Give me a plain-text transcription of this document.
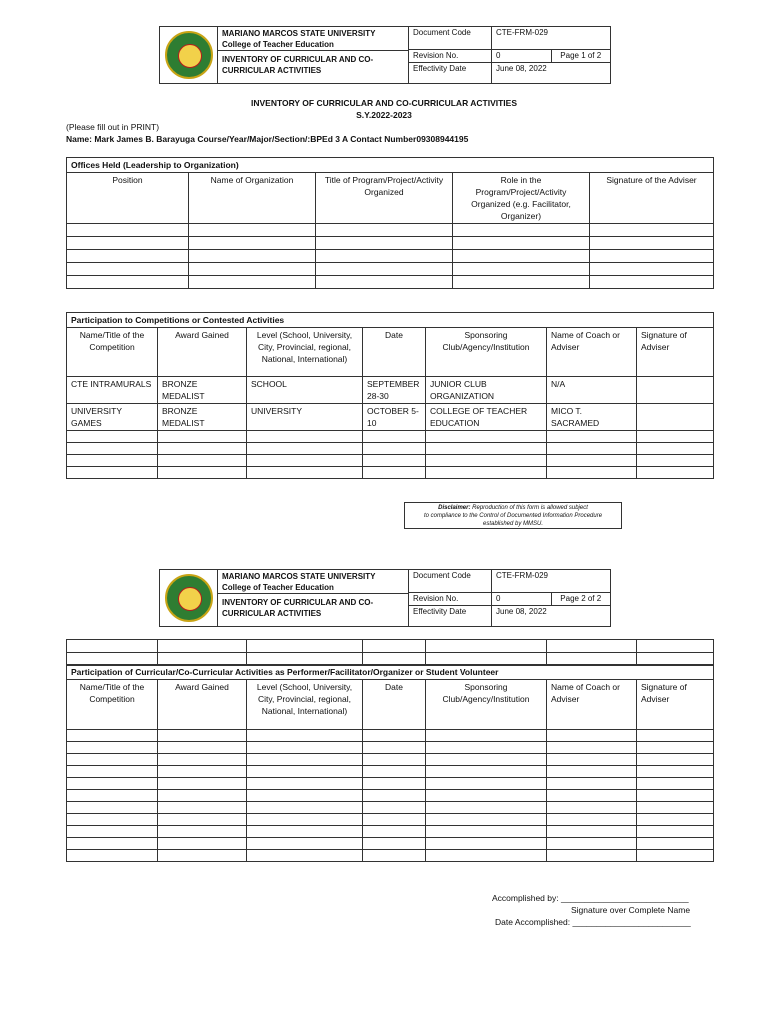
MARIANO MARCOS STATE UNIVERSITY
College of Teacher Education
INVENTORY OF CURRICULAR AND CO-CURRICULAR ACTIVITIES
Document Code	CTE-FRM-029
Revision No.	0	Page 1 of 2
Effectivity Date	June 08, 2022
INVENTORY OF CURRICULAR AND CO-CURRICULAR ACTIVITIES
S.Y.2022-2023
(Please fill out in PRINT)
Name: Mark James B. Barayuga Course/Year/Major/Section/:BPEd 3 A Contact Number09308944195
Offices Held (Leadership to Organization)				
Position	Name of Organization	Title of Program/Project/Activity Organized	Role in the Program/Project/Activity Organized (e.g. Facilitator, Organizer)	Signature of the Adviser

Participation to Competitions or Contested Activities						
Name/Title of the Competition	Award Gained	Level (School, University, City, Provincial, regional, National, International)	Date	Sponsoring Club/Agency/Institution	Name of Coach or Adviser	Signature of Adviser
CTE INTRAMURALS	BRONZE MEDALIST	SCHOOL	SEPTEMBER 28-30	JUNIOR CLUB ORGANIZATION	N/A	
UNIVERSITY GAMES	BRONZE MEDALIST	UNIVERSITY	OCTOBER 5-10	COLLEGE OF TEACHER EDUCATION	MICO T. SACRAMED	

Disclaimer: Reproduction of this form is allowed subject
to compliance to the Control of Documented Information Procedure
established by MMSU.
MARIANO MARCOS STATE UNIVERSITY
College of Teacher Education
INVENTORY OF CURRICULAR AND CO-CURRICULAR ACTIVITIES
Document Code	CTE-FRM-029
Revision No.	0	Page 2 of 2
Effectivity Date	June 08, 2022

Participation of Curricular/Co-Curricular Activities as Performer/Facilitator/Organizer or Student Volunteer						
Name/Title of the Competition	Award Gained	Level (School, University, City, Provincial, regional, National, International)	Date	Sponsoring Club/Agency/Institution	Name of Coach or Adviser	Signature of Adviser

Accomplished by: ___________________________
Signature over Complete Name
Date Accomplished: _________________________
